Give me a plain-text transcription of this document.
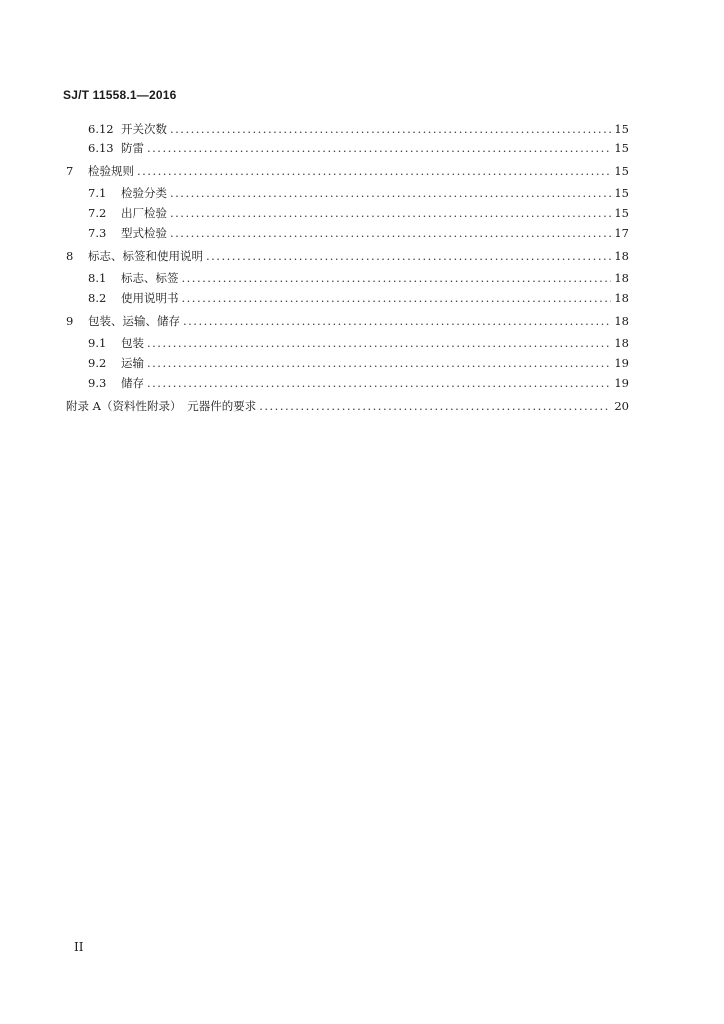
SJ/T 11558.1—2016
6.12 开关次数 .....	15
6.13 防雷 .....	15
7	检验规则 .....	15
7.1	检验分类 .....	15
7.2	出厂检验 .....	15
7.3	型式检验 .....	17
8	标志、标签和使用说明 .....	18
8.1	标志、标签 .....	18
8.2	使用说明书 .....	18
9	包装、运输、储存 .....	18
9.1	包装 .....	18
9.2	运输 .....	19
9.3	储存 .....	19
附录 A（资料性附录）　元器件的要求 .....	20
II
